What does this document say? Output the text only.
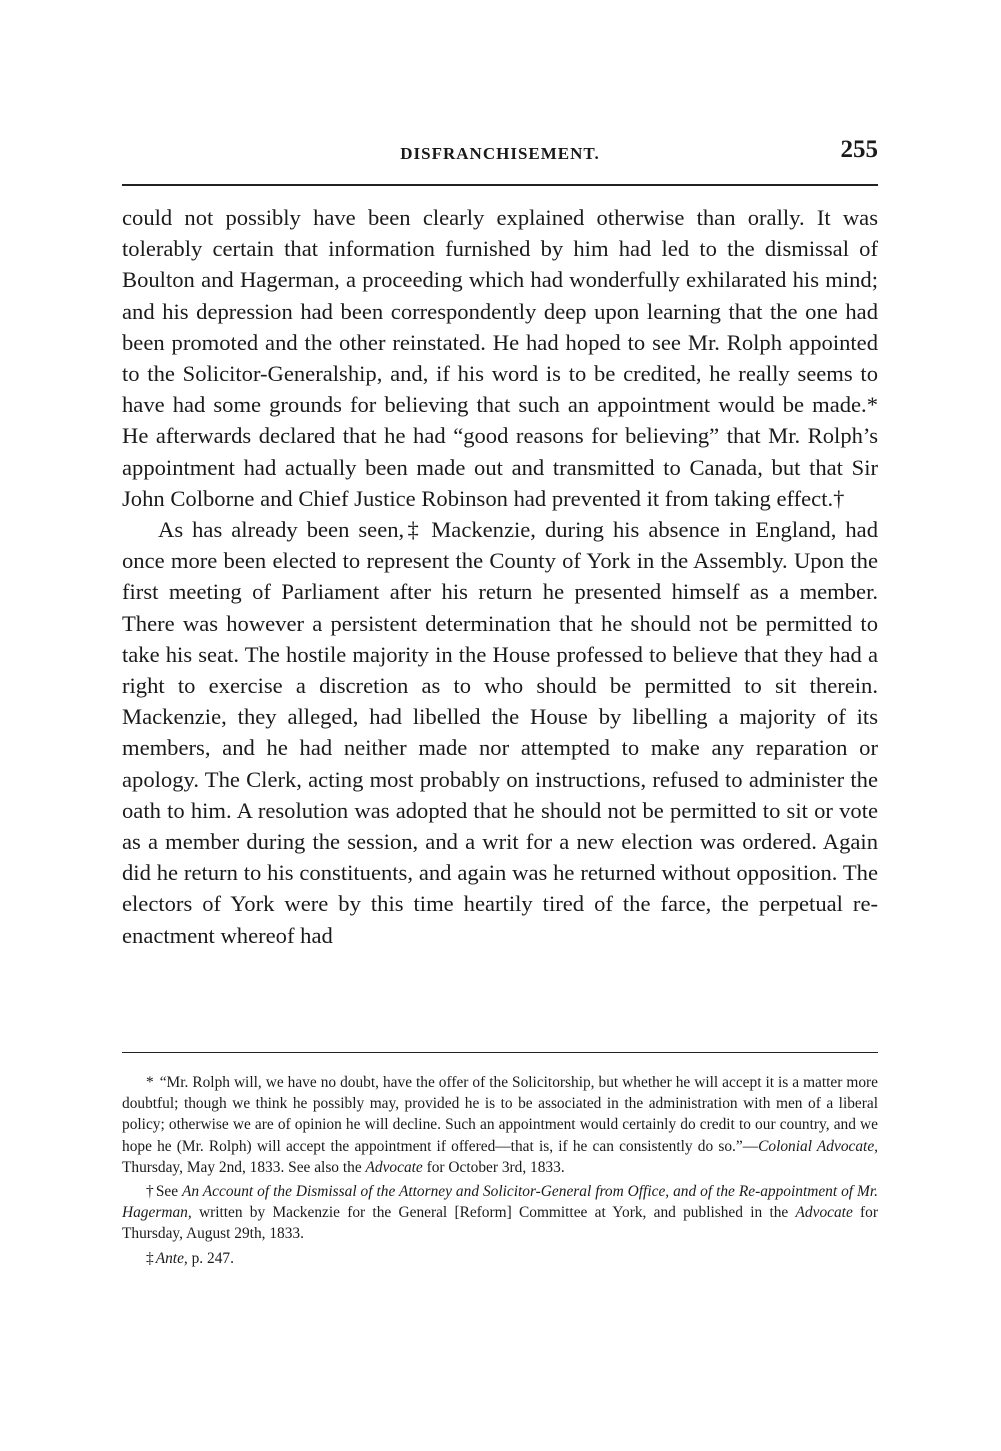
DISFRANCHISEMENT.	255

could not possibly have been clearly explained otherwise than orally. It was tolerably certain that information furnished by him had led to the dismissal of Boulton and Hagerman, a proceeding which had wonderfully exhilarated his mind; and his depression had been correspondently deep upon learning that the one had been promoted and the other reinstated. He had hoped to see Mr. Rolph appointed to the Solicitor-Generalship, and, if his word is to be credited, he really seems to have had some grounds for believing that such an appointment would be made.* He afterwards declared that he had “good reasons for believing” that Mr. Rolph’s appointment had actually been made out and transmitted to Canada, but that Sir John Colborne and Chief Justice Robinson had prevented it from taking effect.†

As has already been seen,‡ Mackenzie, during his absence in England, had once more been elected to represent the County of York in the Assembly. Upon the first meeting of Parliament after his return he presented himself as a member. There was however a persistent determination that he should not be permitted to take his seat. The hostile majority in the House professed to believe that they had a right to exercise a discretion as to who should be permitted to sit therein. Mackenzie, they alleged, had libelled the House by libelling a majority of its members, and he had neither made nor attempted to make any reparation or apology. The Clerk, acting most probably on instructions, refused to administer the oath to him. A resolution was adopted that he should not be permitted to sit or vote as a member during the session, and a writ for a new election was ordered. Again did he return to his constituents, and again was he returned without opposition. The electors of York were by this time heartily tired of the farce, the perpetual re-enactment whereof had

* “Mr. Rolph will, we have no doubt, have the offer of the Solicitorship, but whether he will accept it is a matter more doubtful; though we think he possibly may, provided he is to be associated in the administration with men of a liberal policy; otherwise we are of opinion he will decline. Such an appointment would certainly do credit to our country, and we hope he (Mr. Rolph) will accept the appointment if offered—that is, if he can consistently do so.”—Colonial Advocate, Thursday, May 2nd, 1833. See also the Advocate for October 3rd, 1833.

† See An Account of the Dismissal of the Attorney and Solicitor-General from Office, and of the Re-appointment of Mr. Hagerman, written by Mackenzie for the General [Reform] Committee at York, and published in the Advocate for Thursday, August 29th, 1833.

‡ Ante, p. 247.
